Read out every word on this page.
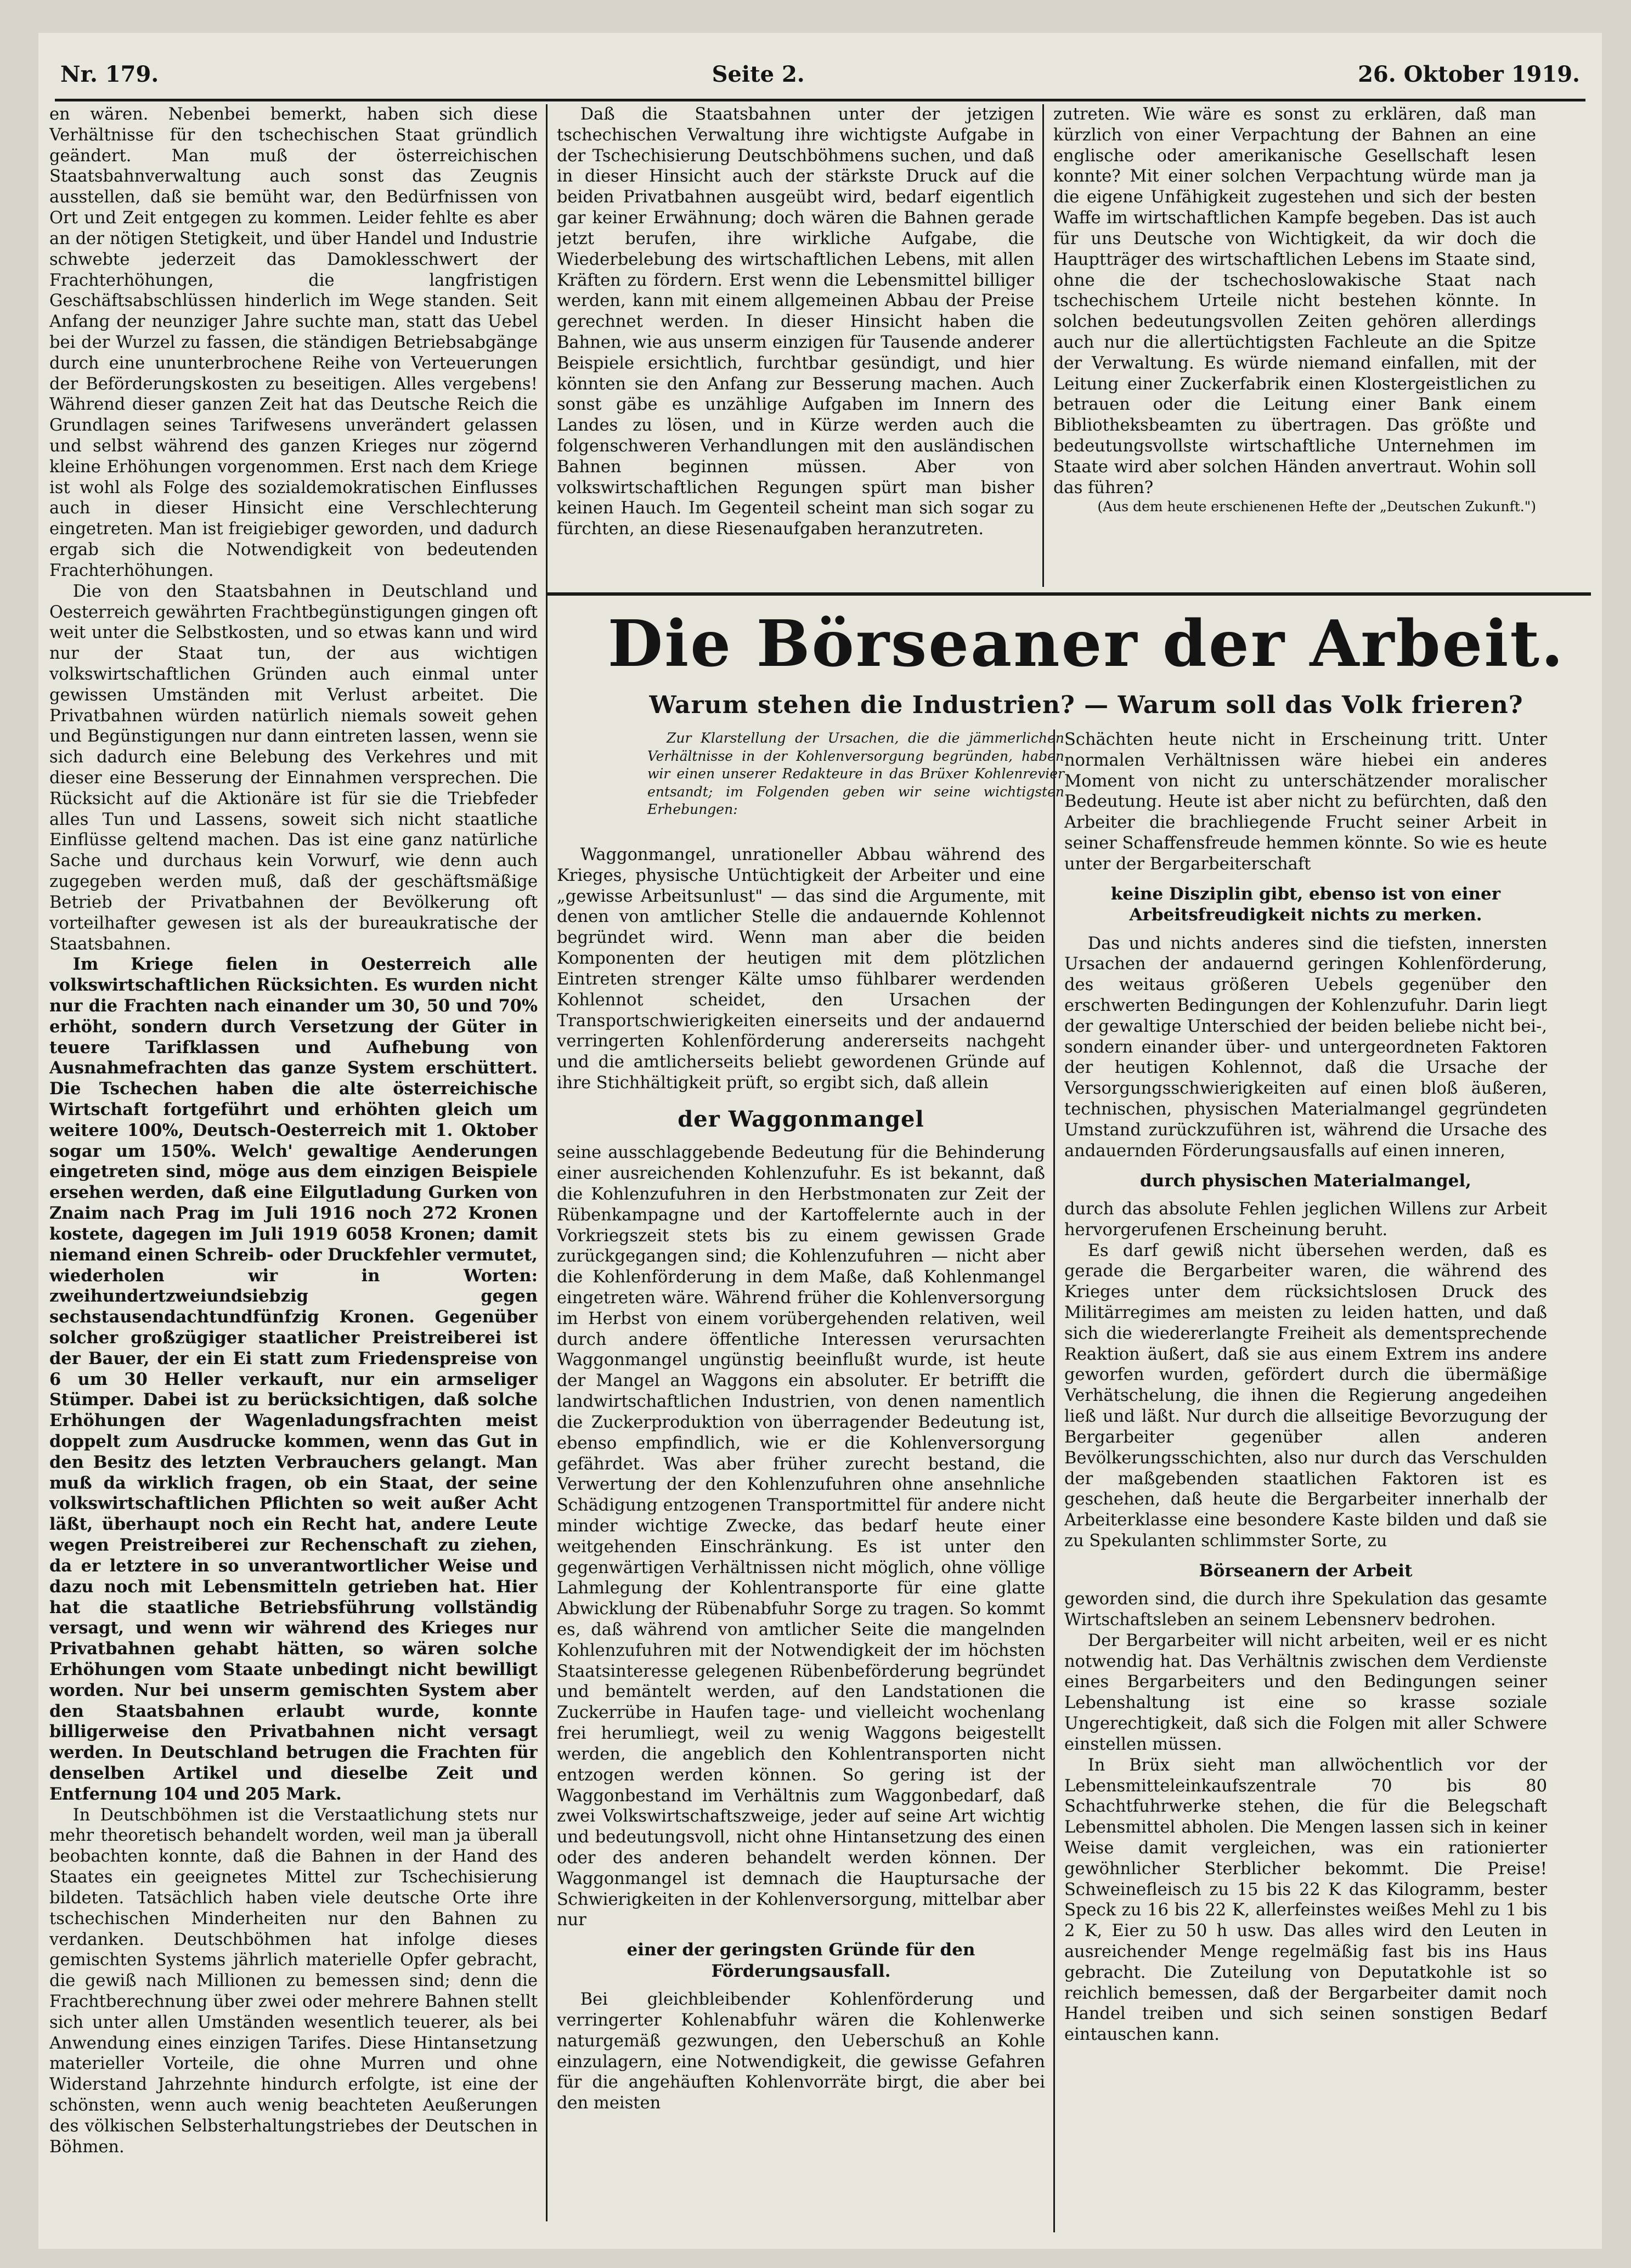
Nr. 179.	Seite 2.	26. Oktober 1919.

en wären. Nebenbei bemerkt, haben sich diese Verhältnisse für den tschechischen Staat gründlich geändert. Man muß der österreichischen Staatsbahnverwaltung auch sonst das Zeugnis ausstellen, daß sie bemüht war, den Bedürfnissen von Ort und Zeit entgegen zu kommen. Leider fehlte es aber an der nötigen Stetigkeit, und über Handel und Industrie schwebte jederzeit das Damoklesschwert der Frachterhöhungen, die langfristigen Geschäftsabschlüssen hinderlich im Wege standen. Seit Anfang der neunziger Jahre suchte man, statt das Uebel bei der Wurzel zu fassen, die ständigen Betriebsabgänge durch eine ununterbrochene Reihe von Verteuerungen der Beförderungskosten zu beseitigen. Alles vergebens! Während dieser ganzen Zeit hat das Deutsche Reich die Grundlagen seines Tarifwesens unverändert gelassen und selbst während des ganzen Krieges nur zögernd kleine Erhöhungen vorgenommen. Erst nach dem Kriege ist wohl als Folge des sozialdemokratischen Einflusses auch in dieser Hinsicht eine Verschlechterung eingetreten. Man ist freigiebiger geworden, und dadurch ergab sich die Notwendigkeit von bedeutenden Frachterhöhungen.

Die von den Staatsbahnen in Deutschland und Oesterreich gewährten Frachtbegünstigungen gingen oft weit unter die Selbstkosten, und so etwas kann und wird nur der Staat tun, der aus wichtigen volkswirtschaftlichen Gründen auch einmal unter gewissen Umständen mit Verlust arbeitet. Die Privatbahnen würden natürlich niemals soweit gehen und Begünstigungen nur dann eintreten lassen, wenn sie sich dadurch eine Belebung des Verkehres und mit dieser eine Besserung der Einnahmen versprechen. Die Rücksicht auf die Aktionäre ist für sie die Triebfeder alles Tun und Lassens, soweit sich nicht staatliche Einflüsse geltend machen. Das ist eine ganz natürliche Sache und durchaus kein Vorwurf, wie denn auch zugegeben werden muß, daß der geschäftsmäßige Betrieb der Privatbahnen der Bevölkerung oft vorteilhafter gewesen ist als der bureaukratische der Staatsbahnen.

Im Kriege fielen in Oesterreich alle volkswirtschaftlichen Rücksichten. Es wurden nicht nur die Frachten nach einander um 30, 50 und 70% erhöht, sondern durch Versetzung der Güter in teuere Tarifklassen und Aufhebung von Ausnahmefrachten das ganze System erschüttert. Die Tschechen haben die alte österreichische Wirtschaft fortgeführt und erhöhten gleich um weitere 100%, Deutsch-Oesterreich mit 1. Oktober sogar um 150%. Welch' gewaltige Aenderungen eingetreten sind, möge aus dem einzigen Beispiele ersehen werden, daß eine Eilgutladung Gurken von Znaim nach Prag im Juli 1916 noch 272 Kronen kostete, dagegen im Juli 1919 6058 Kronen; damit niemand einen Schreib- oder Druckfehler vermutet, wiederholen wir in Worten: zweihundertzweiundsiebzig gegen sechstausendachtundfünfzig Kronen. Gegenüber solcher großzügiger staatlicher Preistreiberei ist der Bauer, der ein Ei statt zum Friedenspreise von 6 um 30 Heller verkauft, nur ein armseliger Stümper. Dabei ist zu berücksichtigen, daß solche Erhöhungen der Wagenladungsfrachten meist doppelt zum Ausdrucke kommen, wenn das Gut in den Besitz des letzten Verbrauchers gelangt. Man muß da wirklich fragen, ob ein Staat, der seine volkswirtschaftlichen Pflichten so weit außer Acht läßt, überhaupt noch ein Recht hat, andere Leute wegen Preistreiberei zur Rechenschaft zu ziehen, da er letztere in so unverantwortlicher Weise und dazu noch mit Lebensmitteln getrieben hat. Hier hat die staatliche Betriebsführung vollständig versagt, und wenn wir während des Krieges nur Privatbahnen gehabt hätten, so wären solche Erhöhungen vom Staate unbedingt nicht bewilligt worden. Nur bei unserm gemischten System aber den Staatsbahnen erlaubt wurde, konnte billigerweise den Privatbahnen nicht versagt werden. In Deutschland betrugen die Frachten für denselben Artikel und dieselbe Zeit und Entfernung 104 und 205 Mark.

In Deutschböhmen ist die Verstaatlichung stets nur mehr theoretisch behandelt worden, weil man ja überall beobachten konnte, daß die Bahnen in der Hand des Staates ein geeignetes Mittel zur Tschechisierung bildeten. Tatsächlich haben viele deutsche Orte ihre tschechischen Minderheiten nur den Bahnen zu verdanken. Deutschböhmen hat infolge dieses gemischten Systems jährlich materielle Opfer gebracht, die gewiß nach Millionen zu bemessen sind; denn die Frachtberechnung über zwei oder mehrere Bahnen stellt sich unter allen Umständen wesentlich teuerer, als bei Anwendung eines einzigen Tarifes. Diese Hintansetzung materieller Vorteile, die ohne Murren und ohne Widerstand Jahrzehnte hindurch erfolgte, ist eine der schönsten, wenn auch wenig beachteten Aeußerungen des völkischen Selbsterhaltungstriebes der Deutschen in Böhmen.

Daß die Staatsbahnen unter der jetzigen tschechischen Verwaltung ihre wichtigste Aufgabe in der Tschechisierung Deutschböhmens suchen, und daß in dieser Hinsicht auch der stärkste Druck auf die beiden Privatbahnen ausgeübt wird, bedarf eigentlich gar keiner Erwähnung; doch wären die Bahnen gerade jetzt berufen, ihre wirkliche Aufgabe, die Wiederbelebung des wirtschaftlichen Lebens, mit allen Kräften zu fördern. Erst wenn die Lebensmittel billiger werden, kann mit einem allgemeinen Abbau der Preise gerechnet werden. In dieser Hinsicht haben die Bahnen, wie aus unserm einzigen für Tausende anderer Beispiele ersichtlich, furchtbar gesündigt, und hier könnten sie den Anfang zur Besserung machen. Auch sonst gäbe es unzählige Aufgaben im Innern des Landes zu lösen, und in Kürze werden auch die folgenschweren Verhandlungen mit den ausländischen Bahnen beginnen müssen. Aber von volkswirtschaftlichen Regungen spürt man bisher keinen Hauch. Im Gegenteil scheint man sich sogar zu fürchten, an diese Riesenaufgaben heranzutreten.

zutreten. Wie wäre es sonst zu erklären, daß man kürzlich von einer Verpachtung der Bahnen an eine englische oder amerikanische Gesellschaft lesen konnte? Mit einer solchen Verpachtung würde man ja die eigene Unfähigkeit zugestehen und sich der besten Waffe im wirtschaftlichen Kampfe begeben. Das ist auch für uns Deutsche von Wichtigkeit, da wir doch die Hauptträger des wirtschaftlichen Lebens im Staate sind, ohne die der tschechoslowakische Staat nach tschechischem Urteile nicht bestehen könnte. In solchen bedeutungsvollen Zeiten gehören allerdings auch nur die allertüchtigsten Fachleute an die Spitze der Verwaltung. Es würde niemand einfallen, mit der Leitung einer Zuckerfabrik einen Klostergeistlichen zu betrauen oder die Leitung einer Bank einem Bibliotheksbeamten zu übertragen. Das größte und bedeutungsvollste wirtschaftliche Unternehmen im Staate wird aber solchen Händen anvertraut. Wohin soll das führen?

(Aus dem heute erschienenen Hefte der „Deutschen Zukunft.")

Die Börseaner der Arbeit.
Warum stehen die Industrien? — Warum soll das Volk frieren?

Zur Klarstellung der Ursachen, die die jämmerlichen Verhältnisse in der Kohlenversorgung begründen, haben wir einen unserer Redakteure in das Brüxer Kohlenrevier entsandt; im Folgenden geben wir seine wichtigsten Erhebungen:

Waggonmangel, unrationeller Abbau während des Krieges, physische Untüchtigkeit der Arbeiter und eine „gewisse Arbeitsunlust" — das sind die Argumente, mit denen von amtlicher Stelle die andauernde Kohlennot begründet wird. Wenn man aber die beiden Komponenten der heutigen mit dem plötzlichen Eintreten strenger Kälte umso fühlbarer werdenden Kohlennot scheidet, den Ursachen der Transportschwierigkeiten einerseits und der andauernd verringerten Kohlenförderung andererseits nachgeht und die amtlicherseits beliebt gewordenen Gründe auf ihre Stichhältigkeit prüft, so ergibt sich, daß allein

der Waggonmangel

seine ausschlaggebende Bedeutung für die Behinderung einer ausreichenden Kohlenzufuhr. Es ist bekannt, daß die Kohlenzufuhren in den Herbstmonaten zur Zeit der Rübenkampagne und der Kartoffelernte auch in der Vorkriegszeit stets bis zu einem gewissen Grade zurückgegangen sind; die Kohlenzufuhren — nicht aber die Kohlenförderung in dem Maße, daß Kohlenmangel eingetreten wäre. Während früher die Kohlenversorgung im Herbst von einem vorübergehenden relativen, weil durch andere öffentliche Interessen verursachten Waggonmangel ungünstig beeinflußt wurde, ist heute der Mangel an Waggons ein absoluter. Er betrifft die landwirtschaftlichen Industrien, von denen namentlich die Zuckerproduktion von überragender Bedeutung ist, ebenso empfindlich, wie er die Kohlenversorgung gefährdet. Was aber früher zurecht bestand, die Verwertung der den Kohlenzufuhren ohne ansehnliche Schädigung entzogenen Transportmittel für andere nicht minder wichtige Zwecke, das bedarf heute einer weitgehenden Einschränkung. Es ist unter den gegenwärtigen Verhältnissen nicht möglich, ohne völlige Lahmlegung der Kohlentransporte für eine glatte Abwicklung der Rübenabfuhr Sorge zu tragen. So kommt es, daß während von amtlicher Seite die mangelnden Kohlenzufuhren mit der Notwendigkeit der im höchsten Staatsinteresse gelegenen Rübenbeförderung begründet und bemäntelt werden, auf den Landstationen die Zuckerrübe in Haufen tage- und vielleicht wochenlang frei herumliegt, weil zu wenig Waggons beigestellt werden, die angeblich den Kohlentransporten nicht entzogen werden können. So gering ist der Waggonbestand im Verhältnis zum Waggonbedarf, daß zwei Volkswirtschaftszweige, jeder auf seine Art wichtig und bedeutungsvoll, nicht ohne Hintansetzung des einen oder des anderen behandelt werden können. Der Waggonmangel ist demnach die Hauptursache der Schwierigkeiten in der Kohlenversorgung, mittelbar aber nur

einer der geringsten Gründe für den Förderungsausfall.

Bei gleichbleibender Kohlenförderung und verringerter Kohlenabfuhr wären die Kohlenwerke naturgemäß gezwungen, den Ueberschuß an Kohle einzulagern, eine Notwendigkeit, die gewisse Gefahren für die angehäuften Kohlenvorräte birgt, die aber bei den meisten

Schächten heute nicht in Erscheinung tritt. Unter normalen Verhältnissen wäre hiebei ein anderes Moment von nicht zu unterschätzender moralischer Bedeutung. Heute ist aber nicht zu befürchten, daß den Arbeiter die brachliegende Frucht seiner Arbeit in seiner Schaffensfreude hemmen könnte. So wie es heute unter der Bergarbeiterschaft

keine Disziplin gibt, ebenso ist von einer Arbeitsfreudigkeit nichts zu merken.

Das und nichts anderes sind die tiefsten, innersten Ursachen der andauernd geringen Kohlenförderung, des weitaus größeren Uebels gegenüber den erschwerten Bedingungen der Kohlenzufuhr. Darin liegt der gewaltige Unterschied der beiden beliebe nicht bei-, sondern einander über- und untergeordneten Faktoren der heutigen Kohlennot, daß die Ursache der Versorgungsschwierigkeiten auf einen bloß äußeren, technischen, physischen Materialmangel gegründeten Umstand zurückzuführen ist, während die Ursache des andauernden Förderungsausfalls auf einen inneren,

durch physischen Materialmangel,

durch das absolute Fehlen jeglichen Willens zur Arbeit hervorgerufenen Erscheinung beruht.

Es darf gewiß nicht übersehen werden, daß es gerade die Bergarbeiter waren, die während des Krieges unter dem rücksichtslosen Druck des Militärregimes am meisten zu leiden hatten, und daß sich die wiedererlangte Freiheit als dementsprechende Reaktion äußert, daß sie aus einem Extrem ins andere geworfen wurden, gefördert durch die übermäßige Verhätschelung, die ihnen die Regierung angedeihen ließ und läßt. Nur durch die allseitige Bevorzugung der Bergarbeiter gegenüber allen anderen Bevölkerungsschichten, also nur durch das Verschulden der maßgebenden staatlichen Faktoren ist es geschehen, daß heute die Bergarbeiter innerhalb der Arbeiterklasse eine besondere Kaste bilden und daß sie zu Spekulanten schlimmster Sorte, zu

Börseanern der Arbeit

geworden sind, die durch ihre Spekulation das gesamte Wirtschaftsleben an seinem Lebensnerv bedrohen.

Der Bergarbeiter will nicht arbeiten, weil er es nicht notwendig hat. Das Verhältnis zwischen dem Verdienste eines Bergarbeiters und den Bedingungen seiner Lebenshaltung ist eine so krasse soziale Ungerechtigkeit, daß sich die Folgen mit aller Schwere einstellen müssen.

In Brüx sieht man allwöchentlich vor der Lebensmitteleinkaufszentrale 70 bis 80 Schachtfuhrwerke stehen, die für die Belegschaft Lebensmittel abholen. Die Mengen lassen sich in keiner Weise damit vergleichen, was ein rationierter gewöhnlicher Sterblicher bekommt. Die Preise! Schweinefleisch zu 15 bis 22 K das Kilogramm, bester Speck zu 16 bis 22 K, allerfeinstes weißes Mehl zu 1 bis 2 K, Eier zu 50 h usw. Das alles wird den Leuten in ausreichender Menge regelmäßig fast bis ins Haus gebracht. Die Zuteilung von Deputatkohle ist so reichlich bemessen, daß der Bergarbeiter damit noch Handel treiben und sich seinen sonstigen Bedarf eintauschen kann.
